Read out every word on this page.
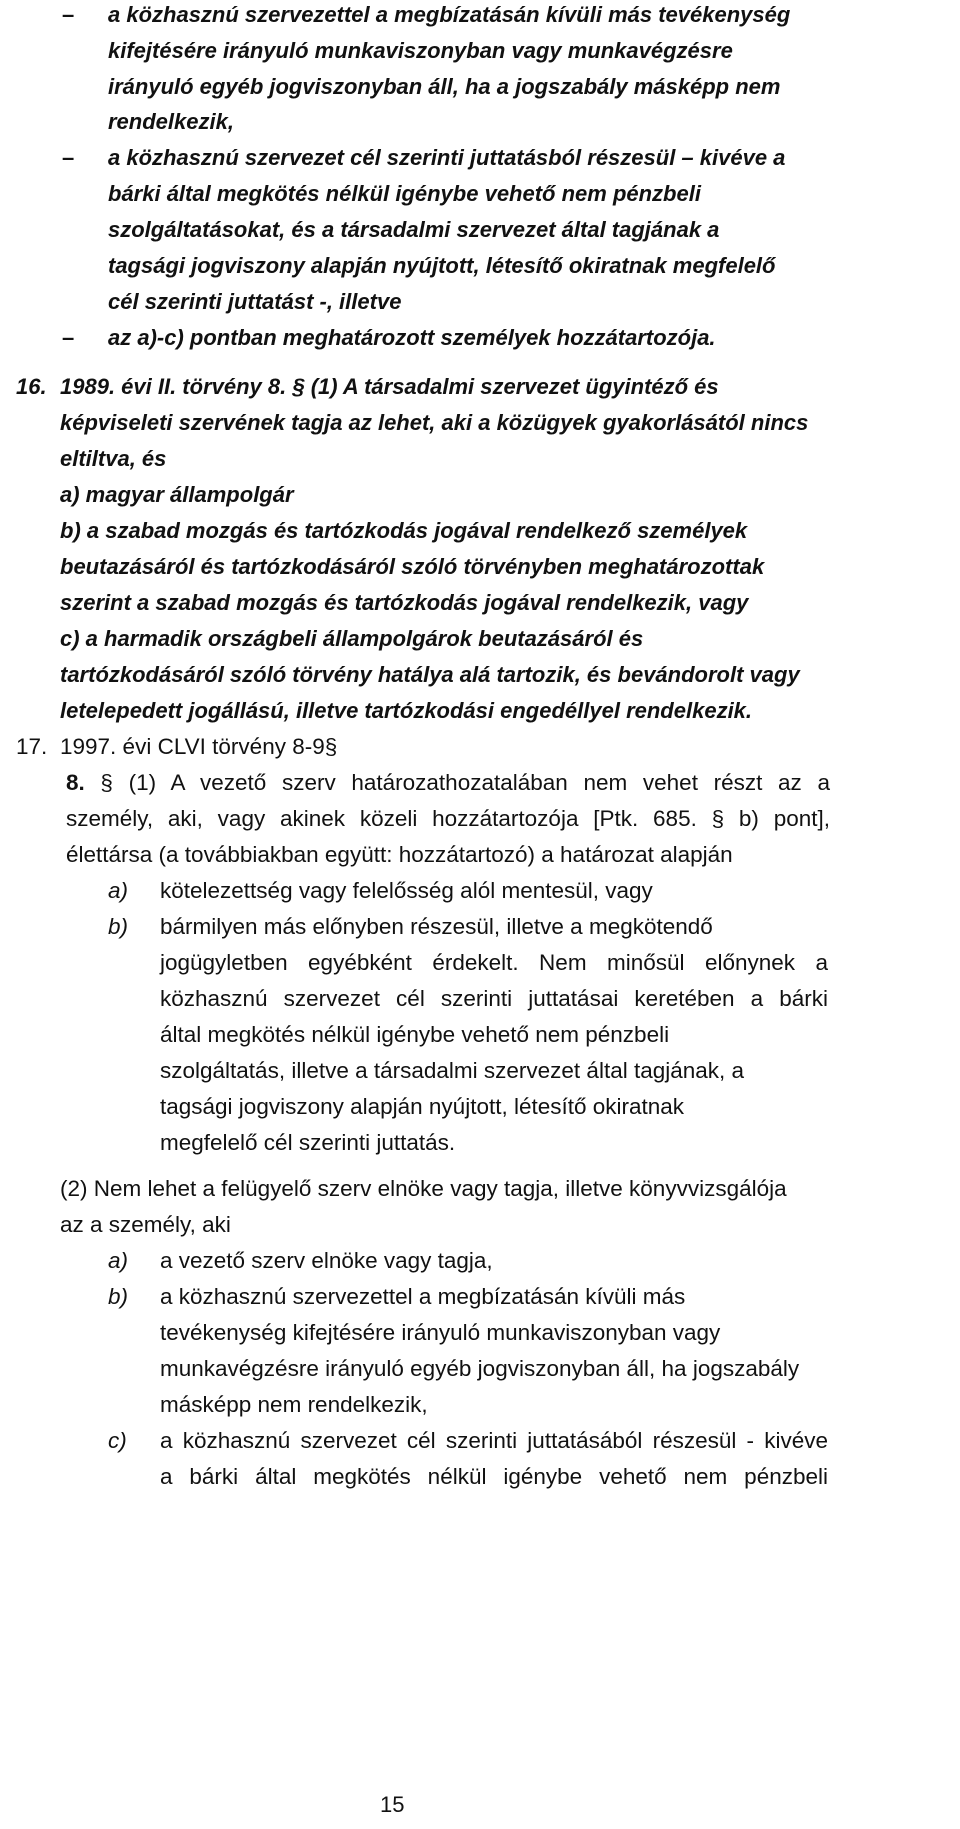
– a közhasznú szervezettel a megbízatásán kívüli más tevékenység
kifejtésére irányuló munkaviszonyban vagy munkavégzésre
irányuló egyéb jogviszonyban áll, ha a jogszabály másképp nem
rendelkezik,
– a közhasznú szervezet cél szerinti juttatásból részesül – kivéve a
bárki által megkötés nélkül igénybe vehető nem pénzbeli
szolgáltatásokat, és a társadalmi szervezet által tagjának a
tagsági jogviszony alapján nyújtott, létesítő okiratnak megfelelő
cél szerinti juttatást -, illetve
– az a)-c) pontban meghatározott személyek hozzátartozója.
16. 1989. évi II. törvény 8. § (1) A társadalmi szervezet ügyintéző és
képviseleti szervének tagja az lehet, aki a közügyek gyakorlásától nincs
eltiltva, és
a) magyar állampolgár
b) a szabad mozgás és tartózkodás jogával rendelkező személyek
beutazásáról és tartózkodásáról szóló törvényben meghatározottak
szerint a szabad mozgás és tartózkodás jogával rendelkezik, vagy
c) a harmadik országbeli állampolgárok beutazásáról és
tartózkodásáról szóló törvény hatálya alá tartozik, és bevándorolt vagy
letelepedett jogállású, illetve tartózkodási engedéllyel rendelkezik.
17. 1997. évi CLVI törvény 8-9§
8. § (1) A vezető szerv határozathozatalában nem vehet részt az a
személy, aki, vagy akinek közeli hozzátartozója [Ptk. 685. § b) pont],
élettársa (a továbbiakban együtt: hozzátartozó) a határozat alapján
a) kötelezettség vagy felelősség alól mentesül, vagy
b) bármilyen más előnyben részesül, illetve a megkötendő
jogügyletben egyébként érdekelt. Nem minősül előnynek a
közhasznú szervezet cél szerinti juttatásai keretében a bárki
által megkötés nélkül igénybe vehető nem pénzbeli
szolgáltatás, illetve a társadalmi szervezet által tagjának, a
tagsági jogviszony alapján nyújtott, létesítő okiratnak
megfelelő cél szerinti juttatás.
(2) Nem lehet a felügyelő szerv elnöke vagy tagja, illetve könyvvizsgálója
az a személy, aki
a) a vezető szerv elnöke vagy tagja,
b) a közhasznú szervezettel a megbízatásán kívüli más
tevékenység kifejtésére irányuló munkaviszonyban vagy
munkavégzésre irányuló egyéb jogviszonyban áll, ha jogszabály
másképp nem rendelkezik,
c) a közhasznú szervezet cél szerinti juttatásából részesül - kivéve
a bárki által megkötés nélkül igénybe vehető nem pénzbeli
15
